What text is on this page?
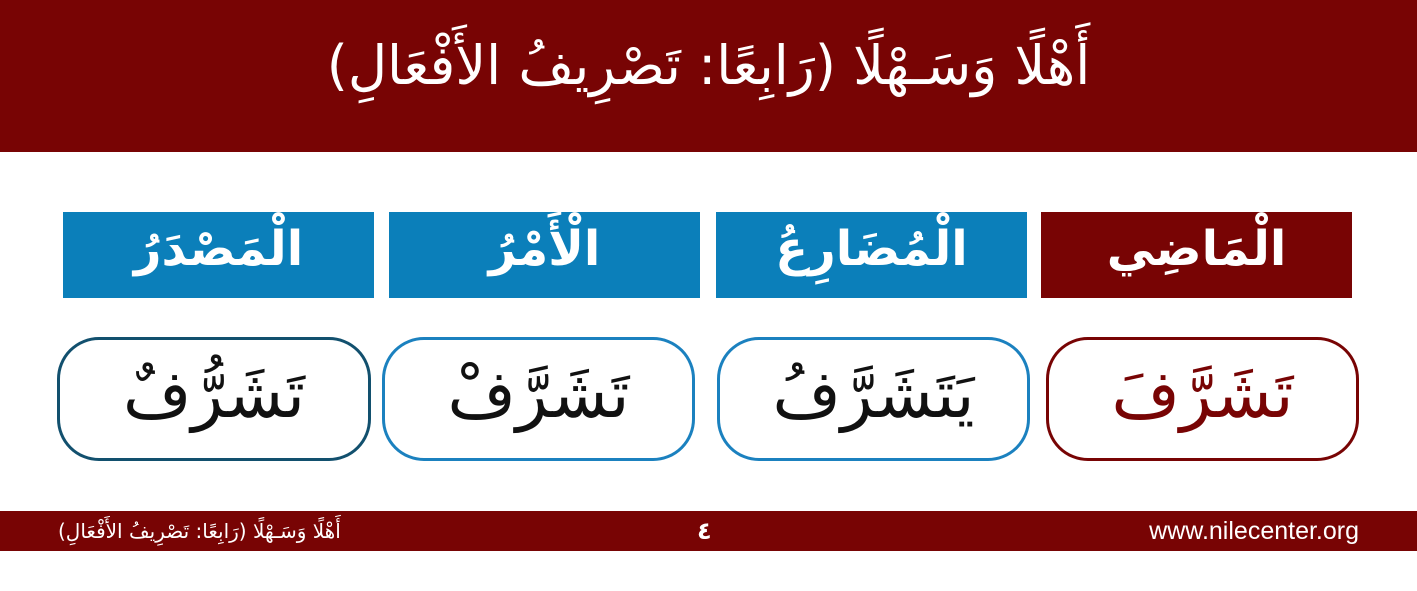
أَهْلًا وَسَـهْلًا (رَابِعًا: تَصْرِيفُ الأَفْعَالِ)
الْمَاضِي
الْمُضَارِعُ
الْأَمْرُ
الْمَصْدَرُ
تَشَرَّفَ
يَتَشَرَّفُ
تَشَرَّفْ
تَشَرُّفٌ
أَهْلًا وَسَـهْلًا (رَابِعًا: تَصْرِيفُ الأَفْعَالِ)	٤	www.nilecenter.org
